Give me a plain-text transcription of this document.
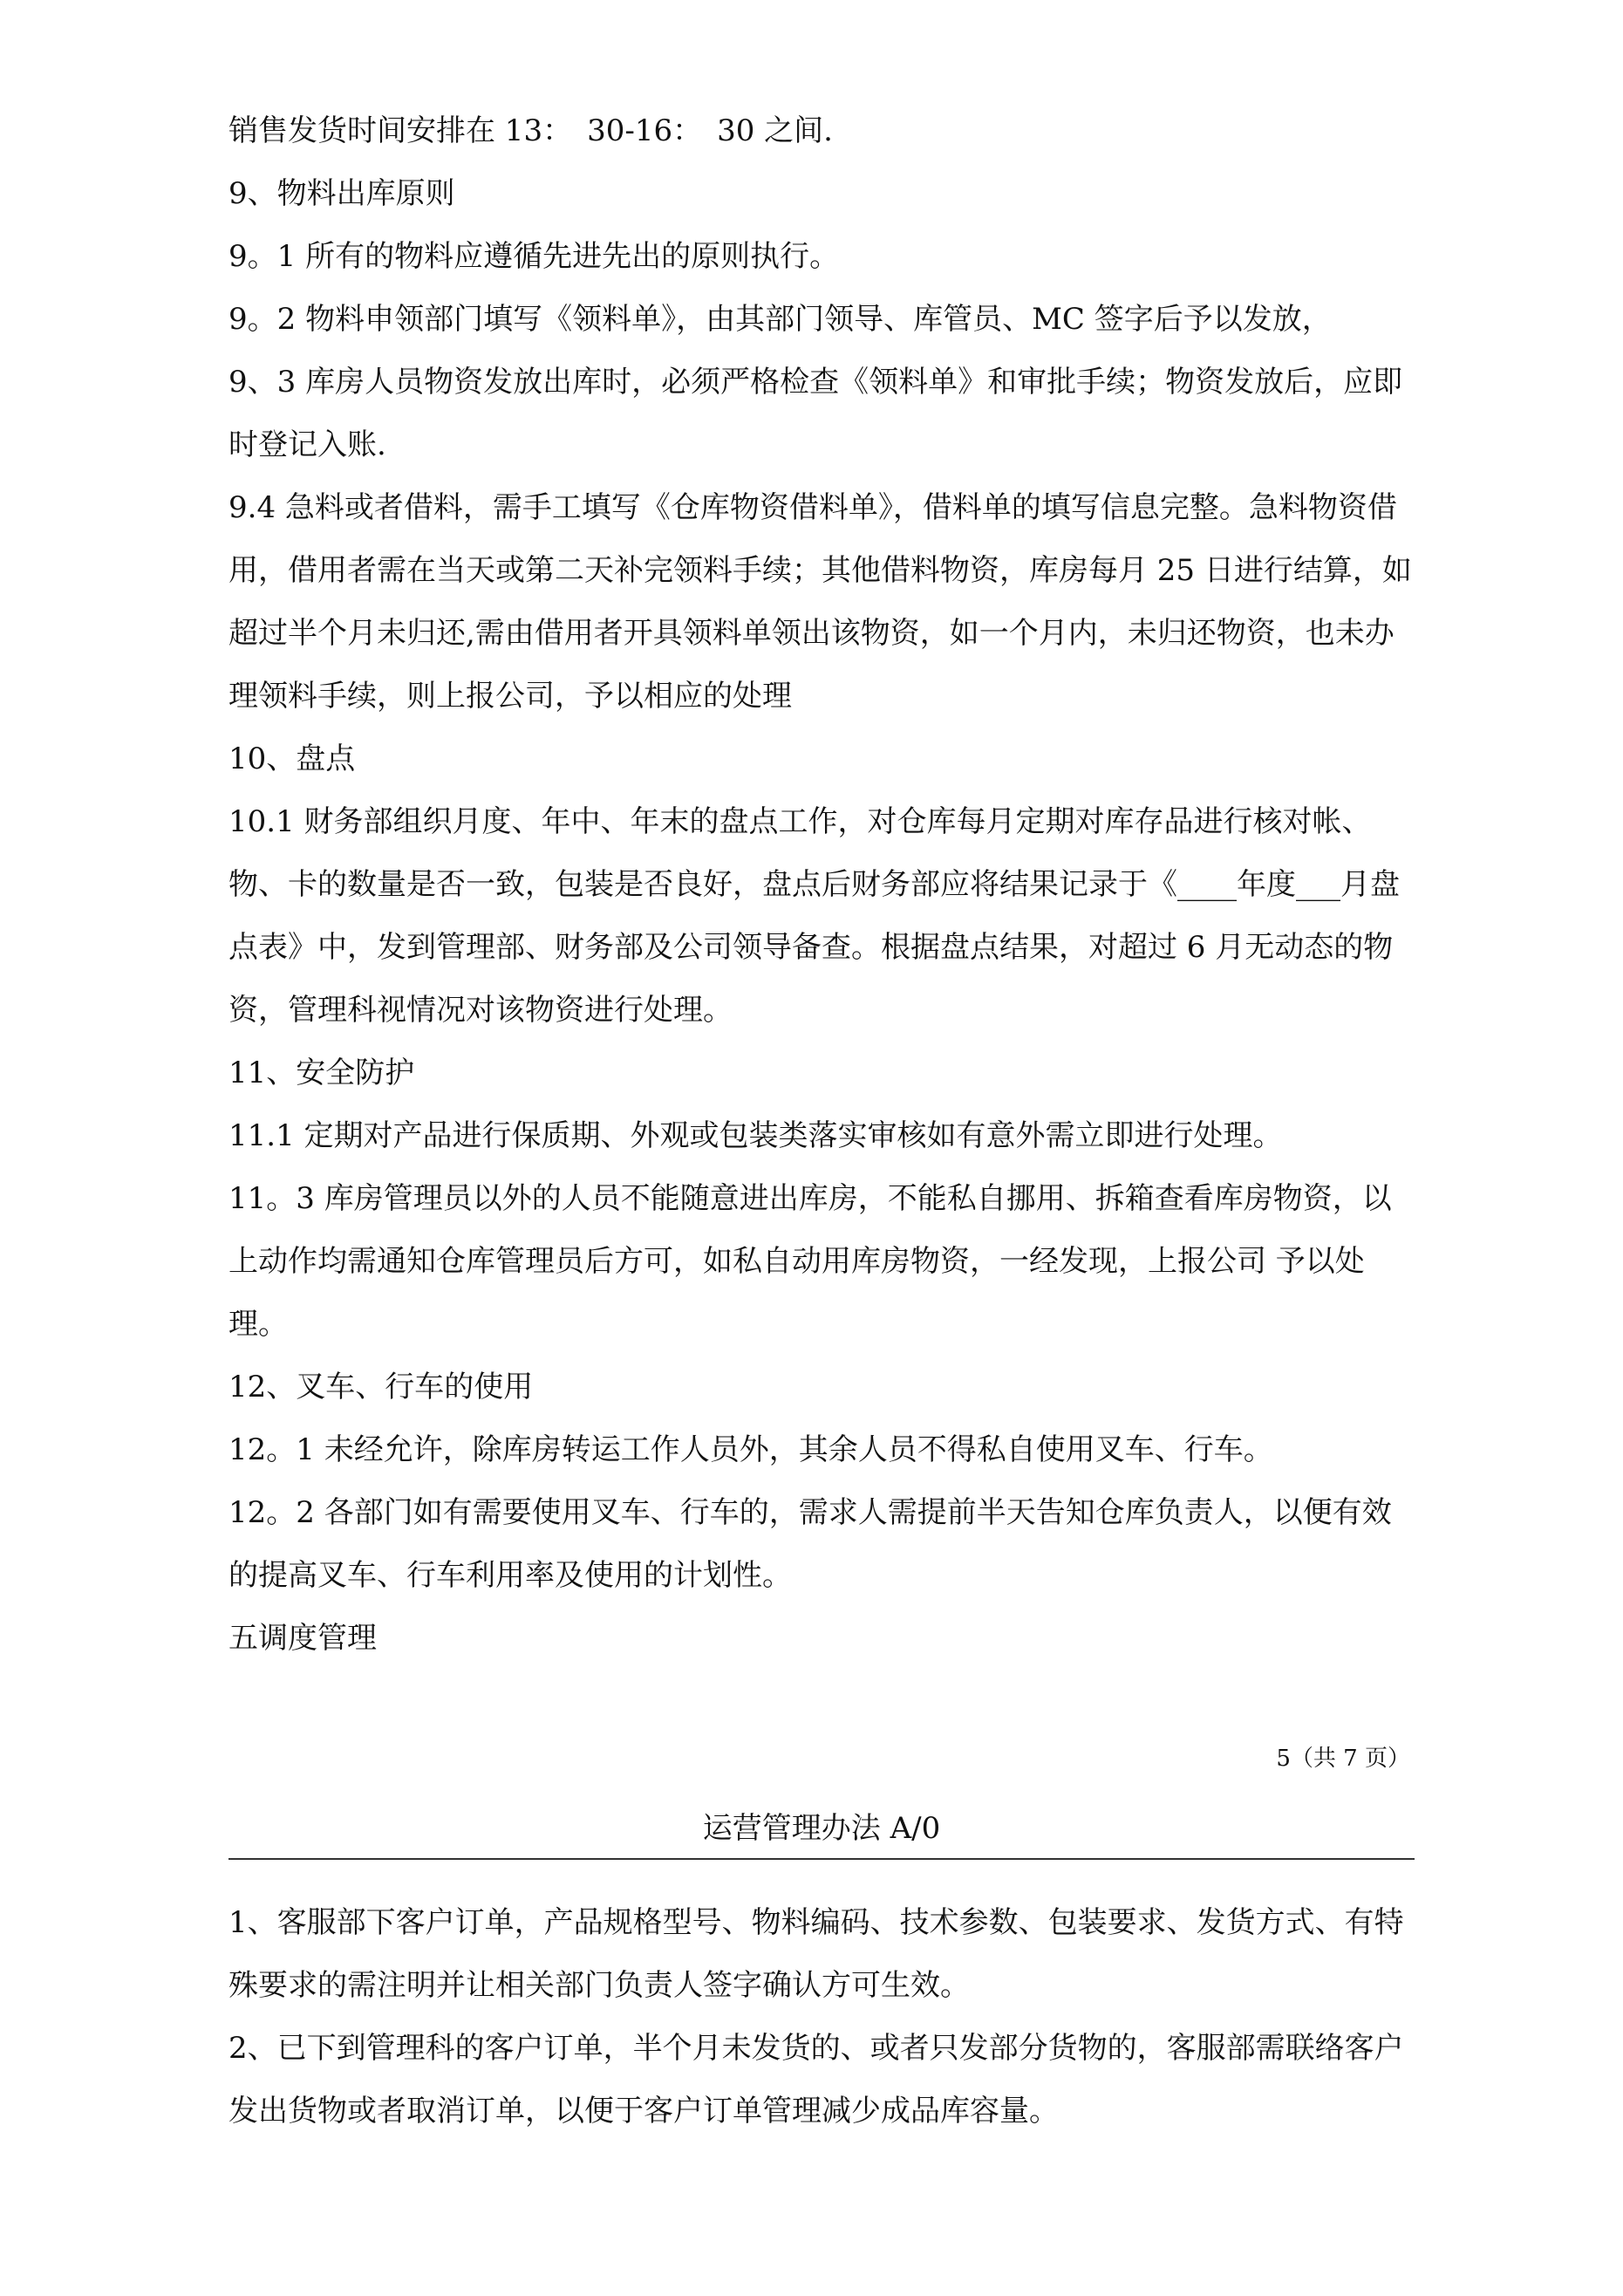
销售发货时间安排在 13：　30-16：　30 之间.

9、物料出库原则

9。1 所有的物料应遵循先进先出的原则执行。

9。2 物料申领部门填写《领料单》，由其部门领导、库管员、MC 签字后予以发放，

9、3 库房人员物资发放出库时，必须严格检查《领料单》和审批手续；物资发放后，应即时登记入账.

9.4 急料或者借料，需手工填写《仓库物资借料单》，借料单的填写信息完整。急料物资借用，借用者需在当天或第二天补完领料手续；其他借料物资，库房每月 25 日进行结算，如超过半个月未归还,需由借用者开具领料单领出该物资，如一个月内，未归还物资，也未办理领料手续，则上报公司，予以相应的处理

10、盘点

10.1 财务部组织月度、年中、年末的盘点工作，对仓库每月定期对库存品进行核对帐、物、卡的数量是否一致，包装是否良好，盘点后财务部应将结果记录于《____年度___月盘点表》中，发到管理部、财务部及公司领导备查。根据盘点结果，对超过 6 月无动态的物资，管理科视情况对该物资进行处理。

11、安全防护

11.1 定期对产品进行保质期、外观或包装类落实审核如有意外需立即进行处理。

11。3 库房管理员以外的人员不能随意进出库房，不能私自挪用、拆箱查看库房物资，以上动作均需通知仓库管理员后方可，如私自动用库房物资，一经发现，上报公司 予以处理。

12、叉车、行车的使用

12。1 未经允许，除库房转运工作人员外，其余人员不得私自使用叉车、行车。

12。2 各部门如有需要使用叉车、行车的，需求人需提前半天告知仓库负责人，以便有效的提高叉车、行车利用率及使用的计划性。

五调度管理

5（共 7 页）
运营管理办法 A/0

1、客服部下客户订单，产品规格型号、物料编码、技术参数、包装要求、发货方式、有特殊要求的需注明并让相关部门负责人签字确认方可生效。

2、已下到管理科的客户订单，半个月未发货的、或者只发部分货物的，客服部需联络客户发出货物或者取消订单，以便于客户订单管理减少成品库容量。
